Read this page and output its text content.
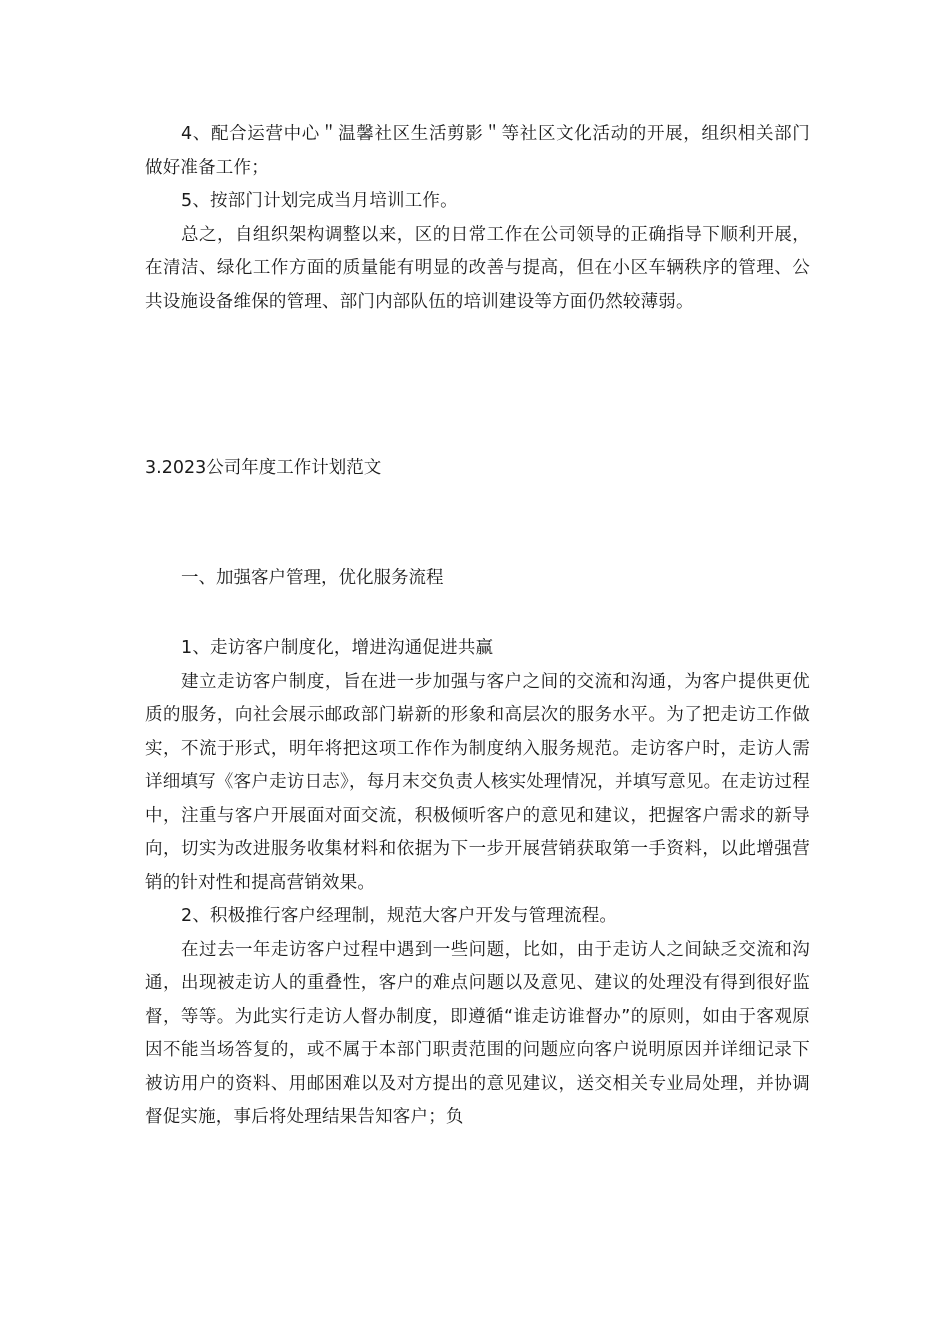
4、配合运营中心＂温馨社区生活剪影＂等社区文化活动的开展，组织相关部门做好准备工作；

5、按部门计划完成当月培训工作。

总之，自组织架构调整以来，区的日常工作在公司领导的正确指导下顺利开展，在清洁、绿化工作方面的质量能有明显的改善与提高，但在小区车辆秩序的管理、公共设施设备维保的管理、部门内部队伍的培训建设等方面仍然较薄弱。

3.2023公司年度工作计划范文
一、加强客户管理，优化服务流程

1、走访客户制度化，增进沟通促进共赢

建立走访客户制度，旨在进一步加强与客户之间的交流和沟通，为客户提供更优质的服务，向社会展示邮政部门崭新的形象和高层次的服务水平。为了把走访工作做实，不流于形式，明年将把这项工作作为制度纳入服务规范。走访客户时，走访人需详细填写《客户走访日志》，每月末交负责人核实处理情况，并填写意见。在走访过程中，注重与客户开展面对面交流，积极倾听客户的意见和建议，把握客户需求的新导向，切实为改进服务收集材料和依据为下一步开展营销获取第一手资料，以此增强营销的针对性和提高营销效果。

2、积极推行客户经理制，规范大客户开发与管理流程。

在过去一年走访客户过程中遇到一些问题，比如，由于走访人之间缺乏交流和沟通，出现被走访人的重叠性，客户的难点问题以及意见、建议的处理没有得到很好监督，等等。为此实行走访人督办制度，即遵循“谁走访谁督办”的原则，如由于客观原因不能当场答复的，或不属于本部门职责范围的问题应向客户说明原因并详细记录下被访用户的资料、用邮困难以及对方提出的意见建议，送交相关专业局处理，并协调督促实施，事后将处理结果告知客户；负
